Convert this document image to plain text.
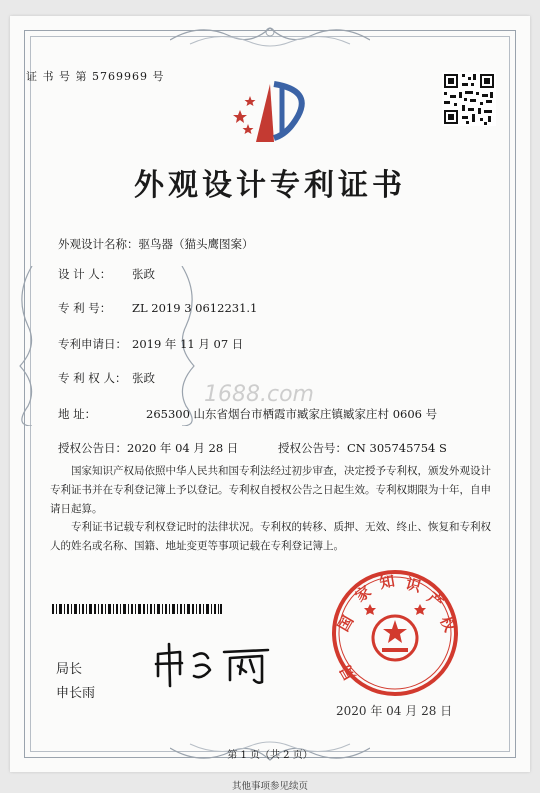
证 书 号 第 5769969 号
外观设计专利证书
外观设计名称：驱鸟器（猫头鹰图案）
设 计 人： 张政
专 利 号： ZL 2019 3 0612231.1
专利申请日： 2019 年 11 月 07 日
专 利 权 人： 张政
地 址：	265300 山东省烟台市栖霞市臧家庄镇臧家庄村 0606 号
1688.com
授权公告日：2020 年 04 月 28 日	授权公告号：CN 305745754 S
国家知识产权局依照中华人民共和国专利法经过初步审查，决定授予专利权，颁发外观设计专利证书并在专利登记簿上予以登记。专利权自授权公告之日起生效。专利权期限为十年，自申请日起算。
专利证书记载专利权登记时的法律状况。专利权的转移、质押、无效、终止、恢复和专利权人的姓名或名称、国籍、地址变更等事项记载在专利登记簿上。
局长
申长雨
国
家
知 识
产
权
局
2020 年 04 月 28 日
第 1 页（共 2 页）
其他事项参见续页
